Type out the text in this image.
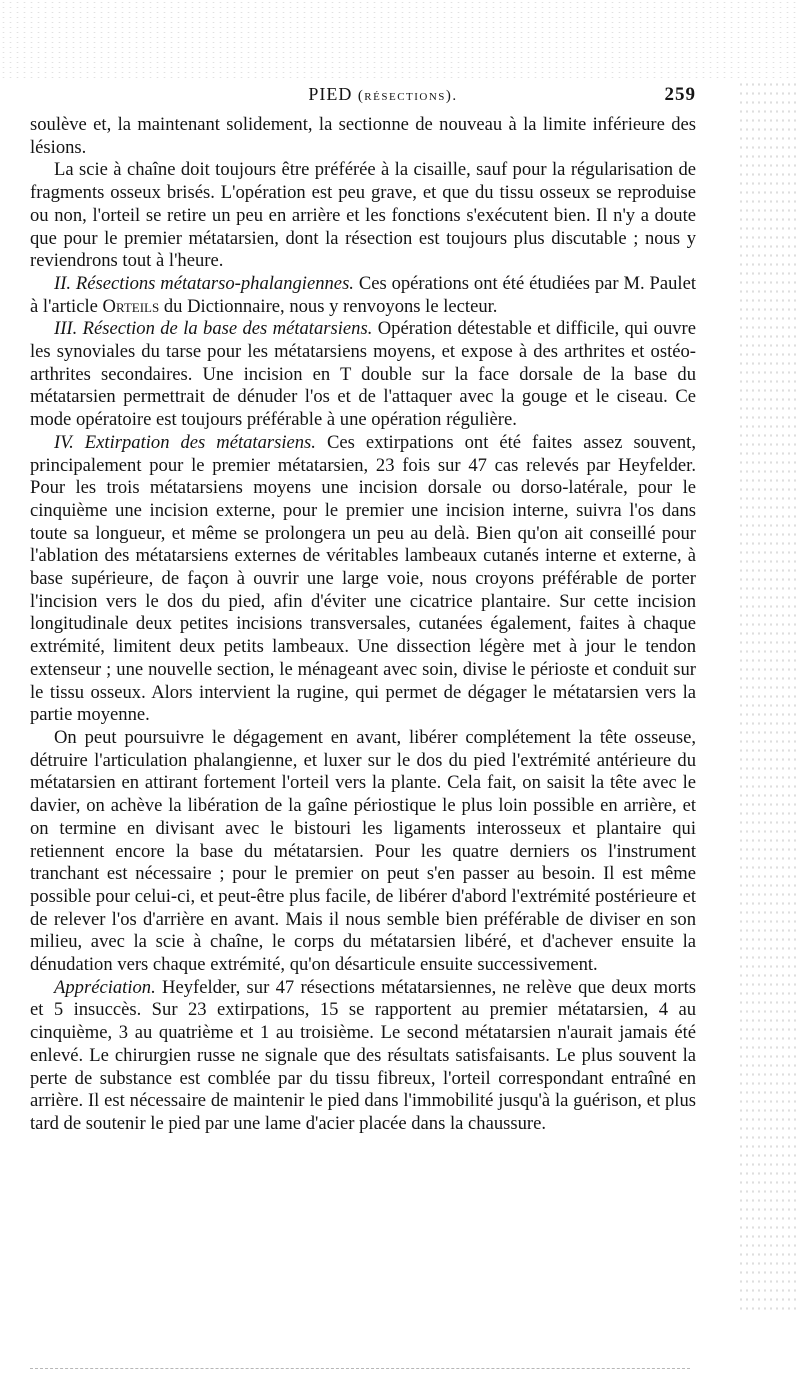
PIED (résections).	259

soulève et, la maintenant solidement, la sectionne de nouveau à la limite inférieure des lésions.

La scie à chaîne doit toujours être préférée à la cisaille, sauf pour la régularisation de fragments osseux brisés. L'opération est peu grave, et que du tissu osseux se reproduise ou non, l'orteil se retire un peu en arrière et les fonctions s'exécutent bien. Il n'y a doute que pour le premier métatarsien, dont la résection est toujours plus discutable ; nous y reviendrons tout à l'heure.

II. Résections métatarso-phalangiennes. Ces opérations ont été étudiées par M. Paulet à l'article Orteils du Dictionnaire, nous y renvoyons le lecteur.

III. Résection de la base des métatarsiens. Opération détestable et difficile, qui ouvre les synoviales du tarse pour les métatarsiens moyens, et expose à des arthrites et ostéo-arthrites secondaires. Une incision en T double sur la face dorsale de la base du métatarsien permettrait de dénuder l'os et de l'attaquer avec la gouge et le ciseau. Ce mode opératoire est toujours préférable à une opération régulière.

IV. Extirpation des métatarsiens. Ces extirpations ont été faites assez souvent, principalement pour le premier métatarsien, 23 fois sur 47 cas relevés par Heyfelder. Pour les trois métatarsiens moyens une incision dorsale ou dorso-latérale, pour le cinquième une incision externe, pour le premier une incision interne, suivra l'os dans toute sa longueur, et même se prolongera un peu au delà. Bien qu'on ait conseillé pour l'ablation des métatarsiens externes de véritables lambeaux cutanés interne et externe, à base supérieure, de façon à ouvrir une large voie, nous croyons préférable de porter l'incision vers le dos du pied, afin d'éviter une cicatrice plantaire. Sur cette incision longitudinale deux petites incisions transversales, cutanées également, faites à chaque extrémité, limitent deux petits lambeaux. Une dissection légère met à jour le tendon extenseur ; une nouvelle section, le ménageant avec soin, divise le périoste et conduit sur le tissu osseux. Alors intervient la rugine, qui permet de dégager le métatarsien vers la partie moyenne.

On peut poursuivre le dégagement en avant, libérer complétement la tête osseuse, détruire l'articulation phalangienne, et luxer sur le dos du pied l'extrémité antérieure du métatarsien en attirant fortement l'orteil vers la plante. Cela fait, on saisit la tête avec le davier, on achève la libération de la gaîne périostique le plus loin possible en arrière, et on termine en divisant avec le bistouri les ligaments interosseux et plantaire qui retiennent encore la base du métatarsien. Pour les quatre derniers os l'instrument tranchant est nécessaire ; pour le premier on peut s'en passer au besoin. Il est même possible pour celui-ci, et peut-être plus facile, de libérer d'abord l'extrémité postérieure et de relever l'os d'arrière en avant. Mais il nous semble bien préférable de diviser en son milieu, avec la scie à chaîne, le corps du métatarsien libéré, et d'achever ensuite la dénudation vers chaque extrémité, qu'on désarticule ensuite successivement.

Appréciation. Heyfelder, sur 47 résections métatarsiennes, ne relève que deux morts et 5 insuccès. Sur 23 extirpations, 15 se rapportent au premier métatarsien, 4 au cinquième, 3 au quatrième et 1 au troisième. Le second métatarsien n'aurait jamais été enlevé. Le chirurgien russe ne signale que des résultats satisfaisants. Le plus souvent la perte de substance est comblée par du tissu fibreux, l'orteil correspondant entraîné en arrière. Il est nécessaire de maintenir le pied dans l'immobilité jusqu'à la guérison, et plus tard de soutenir le pied par une lame d'acier placée dans la chaussure.
